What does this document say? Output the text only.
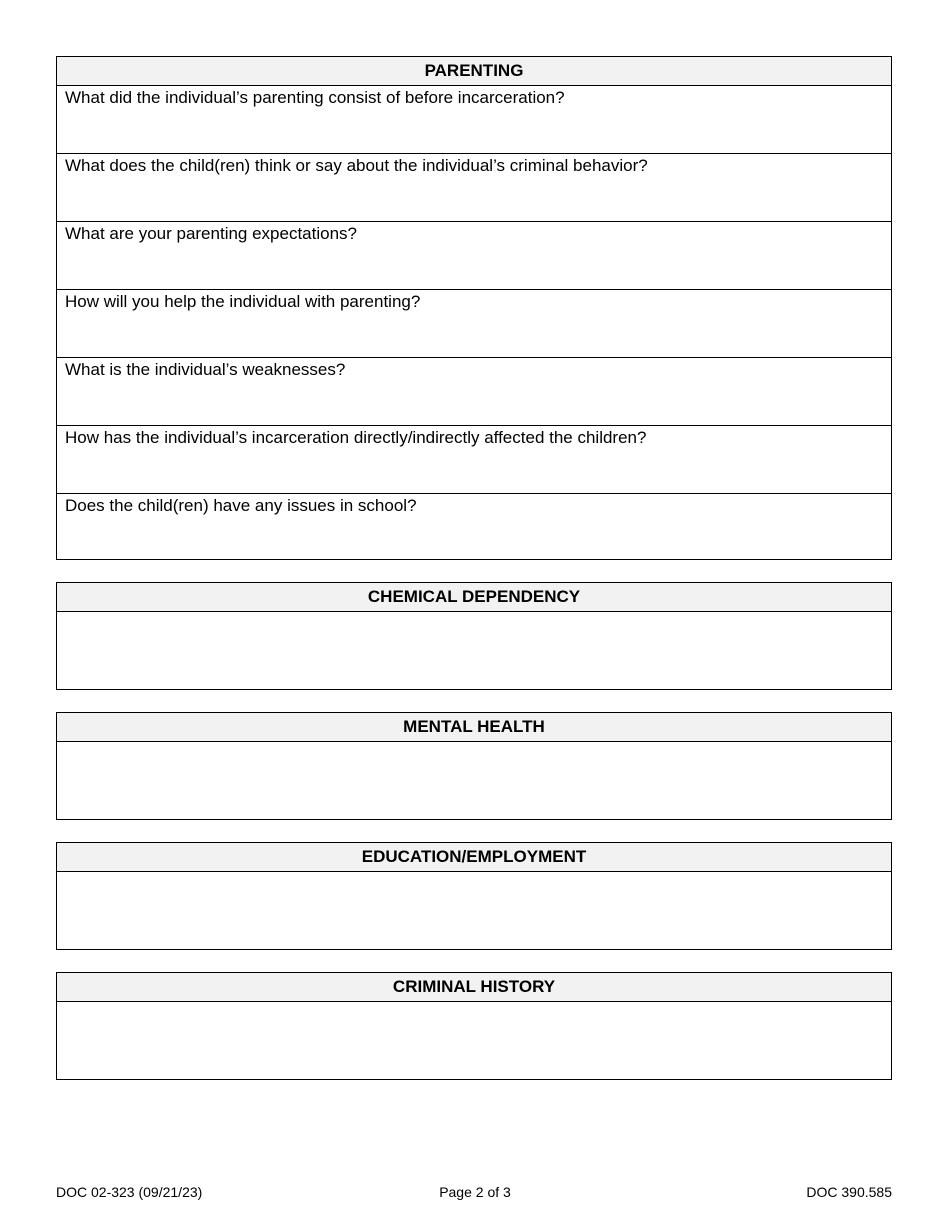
PARENTING
What did the individual’s parenting consist of before incarceration?
What does the child(ren) think or say about the individual’s criminal behavior?
What are your parenting expectations?
How will you help the individual with parenting?
What is the individual’s weaknesses?
How has the individual’s incarceration directly/indirectly affected the children?
Does the child(ren) have any issues in school?
CHEMICAL DEPENDENCY
MENTAL HEALTH
EDUCATION/EMPLOYMENT
CRIMINAL HISTORY
DOC 02-323 (09/21/23)	Page 2 of 3	DOC 390.585
